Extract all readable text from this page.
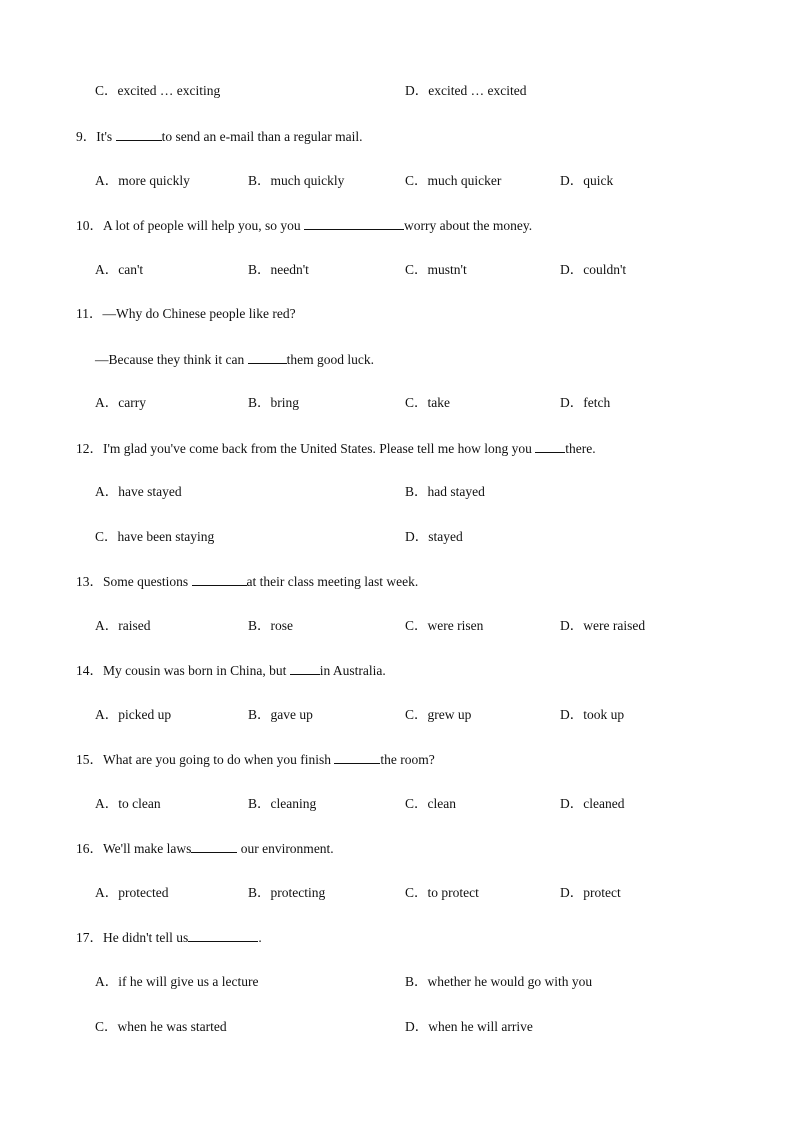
C．excited … exciting	D．excited … excited
9．It's	to send an e-mail than a regular mail.
A．more quickly	B．much quickly	C．much quicker	D．quick
10．A lot of people will help you, so you	worry about the money.
A．can't	B．needn't	C．mustn't	D．couldn't
11．—Why do Chinese people like red?
—Because they think it can	them good luck.
A．carry	B．bring	C．take	D．fetch
12．I'm glad you've come back from the United States. Please tell me how long you there.
A．have stayed	B．had stayed
C．have been staying	D．stayed
13．Some questions	at their class meeting last week.
A．raised	B．rose	C．were risen	D．were raised
14．My cousin was born in China, but in Australia.
A．picked up	B．gave up	C．grew up	D．took up
15．What are you going to do when you finish	the room?
A．to clean	B．cleaning	C．clean	D．cleaned
16．We'll make laws	our environment.
A．protected	B．protecting	C．to protect	D．protect
17．He didn't tell us	.
A．if he will give us a lecture	B．whether he would go with you
C．when he was started	D．when he will arrive
